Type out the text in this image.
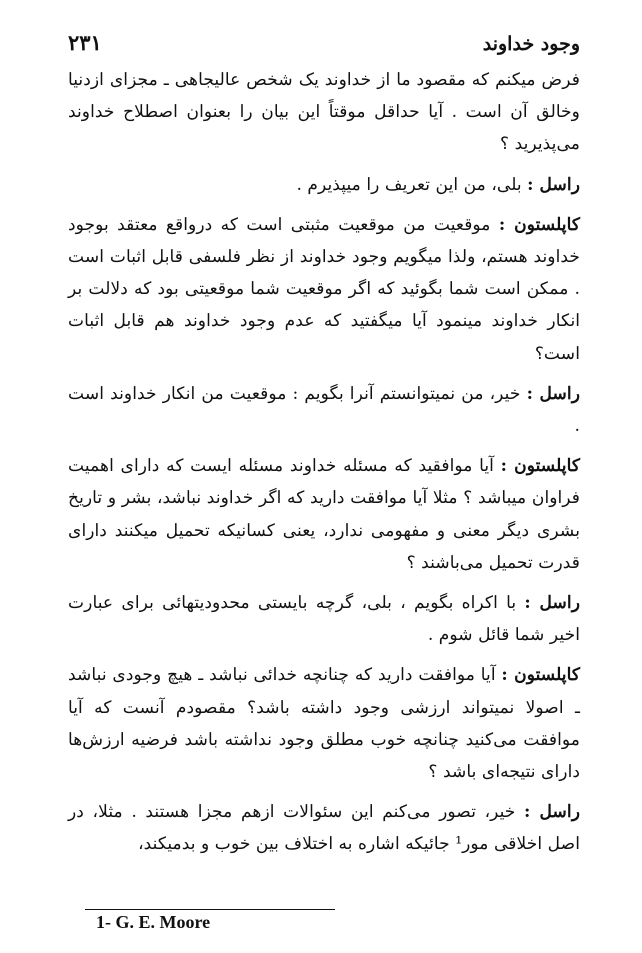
وجود خداوند
۲۳۱

فرض میکنم که مقصود ما از خداوند یک شخص عالیجاهی ـ مجزای ازدنیا وخالق آن است . آیا حداقل موقتاً این بیان را بعنوان اصطلاح خداوند می‌پذیرید ؟

راسل : بلی، من این تعریف را میپذیرم .

کاپلستون : موقعیت من موقعیت مثبتی است که درواقع معتقد بوجود خداوند هستم، ولذا میگویم وجود خداوند از نظر فلسفی قابل اثبات است . ممکن است شما بگوئید که اگر موقعیت شما موقعیتی بود که دلالت بر انکار خداوند مینمود آیا میگفتید که عدم وجود خداوند هم قابل اثبات است؟

راسل : خیر، من نمیتوانستم آنرا بگویم : موقعیت من انکار خداوند است .

کاپلستون : آیا موافقید که مسئله خداوند مسئله ایست که دارای اهمیت فراوان میباشد ؟ مثلا آیا موافقت دارید که اگر خداوند نباشد، بشر و تاریخ بشری دیگر معنی و مفهومی ندارد، یعنی کسانیکه تحمیل میکنند دارای قدرت تحمیل می‌باشند ؟

راسل : با اکراه بگویم ، بلی، گرچه بایستی محدودیتهائی برای عبارت اخیر شما قائل شوم .

کاپلستون : آیا موافقت دارید که چنانچه خدائی نباشد ـ هیچ وجودی نباشد ـ اصولا نمیتواند ارزشی وجود داشته باشد؟ مقصودم آنست که آیا موافقت می‌کنید چنانچه خوب مطلق وجود نداشته باشد فرضیه ارزش‌ها دارای نتیجه‌ای باشد ؟

راسل : خیر، تصور می‌کنم این سئوالات ازهم مجزا هستند . مثلا، در اصل اخلاقی مور¹ جائیکه اشاره به اختلاف بین خوب و بدمیکند،

1- G. E. Moore
